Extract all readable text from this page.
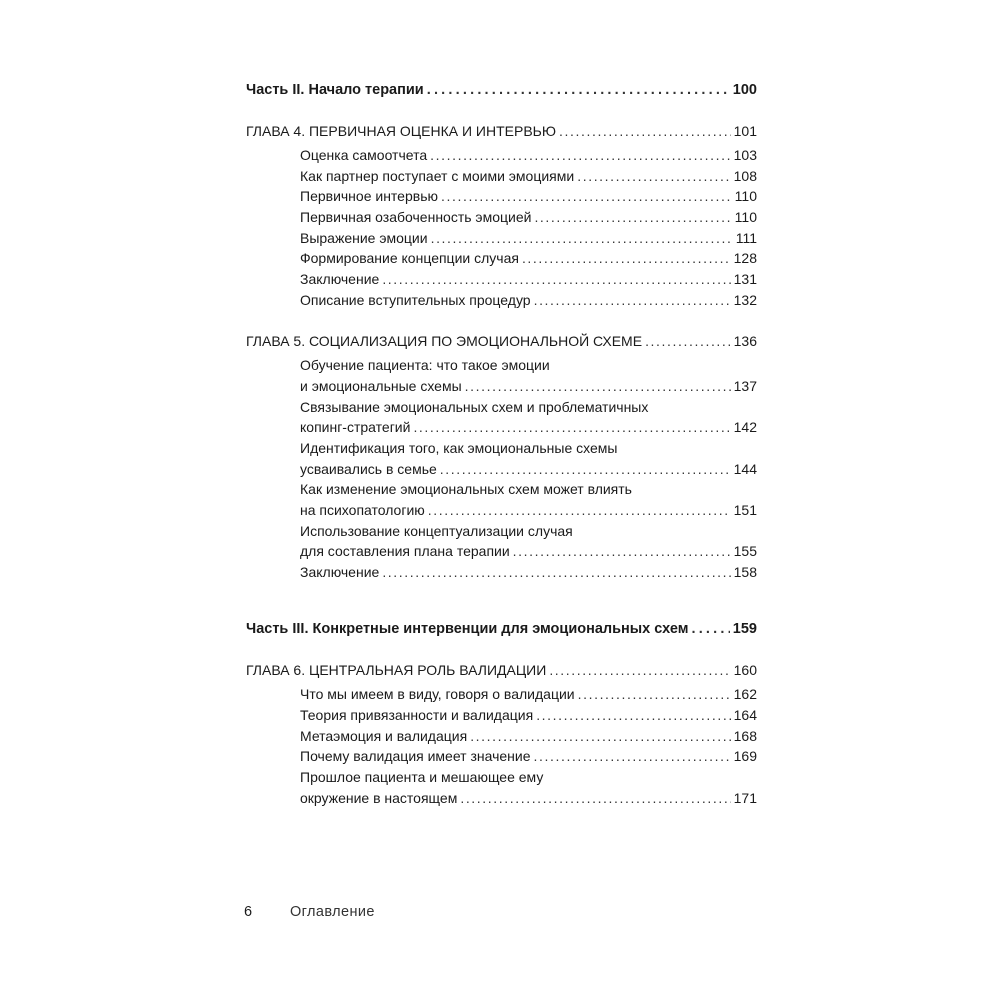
Часть II. Начало терапии .....	100
ГЛАВА 4. ПЕРВИЧНАЯ ОЦЕНКА И ИНТЕРВЬЮ .....	101
Оценка самоотчета .....	103
Как партнер поступает с моими эмоциями .....	108
Первичное интервью .....	110
Первичная озабоченность эмоцией .....	110
Выражение эмоции .....	111
Формирование концепции случая .....	128
Заключение .....	131
Описание вступительных процедур .....	132
ГЛАВА 5. СОЦИАЛИЗАЦИЯ ПО ЭМОЦИОНАЛЬНОЙ СХЕМЕ .....	136
Обучение пациента: что такое эмоции
и эмоциональные схемы .....	137
Связывание эмоциональных схем и проблематичных
копинг-стратегий .....	142
Идентификация того, как эмоциональные схемы
усваивались в семье .....	144
Как изменение эмоциональных схем может влиять
на психопатологию .....	151
Использование концептуализации случая
для составления плана терапии .....	155
Заключение .....	158
Часть III. Конкретные интервенции для эмоциональных схем .....	159
ГЛАВА 6. ЦЕНТРАЛЬНАЯ РОЛЬ ВАЛИДАЦИИ .....	160
Что мы имеем в виду, говоря о валидации .....	162
Теория привязанности и валидация .....	164
Метаэмоция и валидация .....	168
Почему валидация имеет значение .....	169
Прошлое пациента и мешающее ему
окружение в настоящем .....	171
6	Оглавление
